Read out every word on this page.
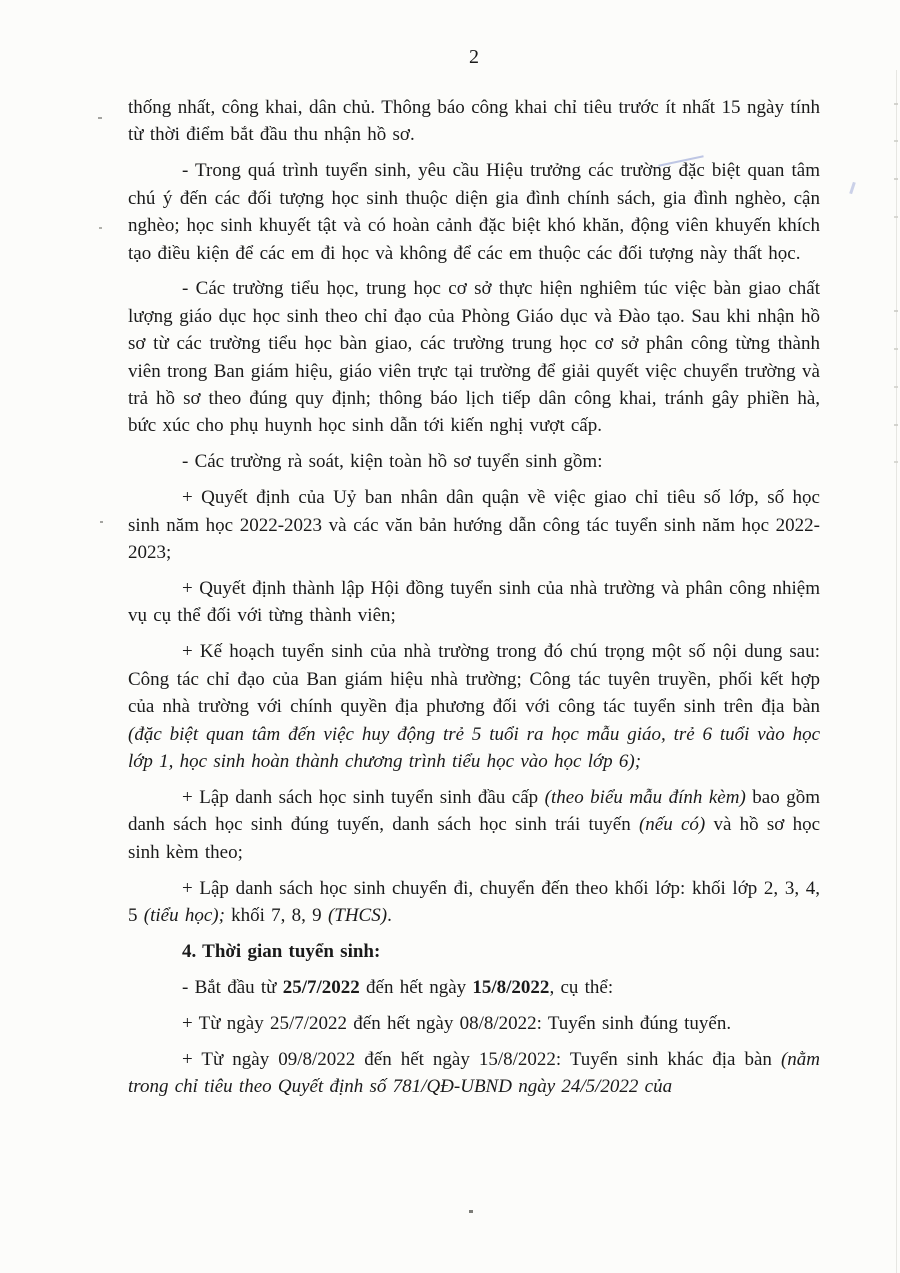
2

thống nhất, công khai, dân chủ. Thông báo công khai chỉ tiêu trước ít nhất 15 ngày tính từ thời điểm bắt đầu thu nhận hồ sơ.

- Trong quá trình tuyển sinh, yêu cầu Hiệu trưởng các trường đặc biệt quan tâm chú ý đến các đối tượng học sinh thuộc diện gia đình chính sách, gia đình nghèo, cận nghèo; học sinh khuyết tật và có hoàn cảnh đặc biệt khó khăn, động viên khuyến khích tạo điều kiện để các em đi học và không để các em thuộc các đối tượng này thất học.

- Các trường tiểu học, trung học cơ sở thực hiện nghiêm túc việc bàn giao chất lượng giáo dục học sinh theo chỉ đạo của Phòng Giáo dục và Đào tạo. Sau khi nhận hồ sơ từ các trường tiểu học bàn giao, các trường trung học cơ sở phân công từng thành viên trong Ban giám hiệu, giáo viên trực tại trường để giải quyết việc chuyển trường và trả hồ sơ theo đúng quy định; thông báo lịch tiếp dân công khai, tránh gây phiền hà, bức xúc cho phụ huynh học sinh dẫn tới kiến nghị vượt cấp.

- Các trường rà soát, kiện toàn hồ sơ tuyển sinh gồm:

+ Quyết định của Uỷ ban nhân dân quận về việc giao chỉ tiêu số lớp, số học sinh năm học 2022-2023 và các văn bản hướng dẫn công tác tuyển sinh năm học 2022-2023;

+ Quyết định thành lập Hội đồng tuyển sinh của nhà trường và phân công nhiệm vụ cụ thể đối với từng thành viên;

+ Kế hoạch tuyển sinh của nhà trường trong đó chú trọng một số nội dung sau: Công tác chỉ đạo của Ban giám hiệu nhà trường; Công tác tuyên truyền, phối kết hợp của nhà trường với chính quyền địa phương đối với công tác tuyển sinh trên địa bàn (đặc biệt quan tâm đến việc huy động trẻ 5 tuổi ra học mẫu giáo, trẻ 6 tuổi vào học lớp 1, học sinh hoàn thành chương trình tiểu học vào học lớp 6);

+ Lập danh sách học sinh tuyển sinh đầu cấp (theo biểu mẫu đính kèm) bao gồm danh sách học sinh đúng tuyến, danh sách học sinh trái tuyến (nếu có) và hồ sơ học sinh kèm theo;

+ Lập danh sách học sinh chuyển đi, chuyển đến theo khối lớp: khối lớp 2, 3, 4, 5 (tiểu học); khối 7, 8, 9 (THCS).

4. Thời gian tuyển sinh:

- Bắt đầu từ 25/7/2022 đến hết ngày 15/8/2022, cụ thể:

+ Từ ngày 25/7/2022 đến hết ngày 08/8/2022: Tuyển sinh đúng tuyến.

+ Từ ngày 09/8/2022 đến hết ngày 15/8/2022: Tuyển sinh khác địa bàn (nằm trong chỉ tiêu theo Quyết định số 781/QĐ-UBND ngày 24/5/2022 của
